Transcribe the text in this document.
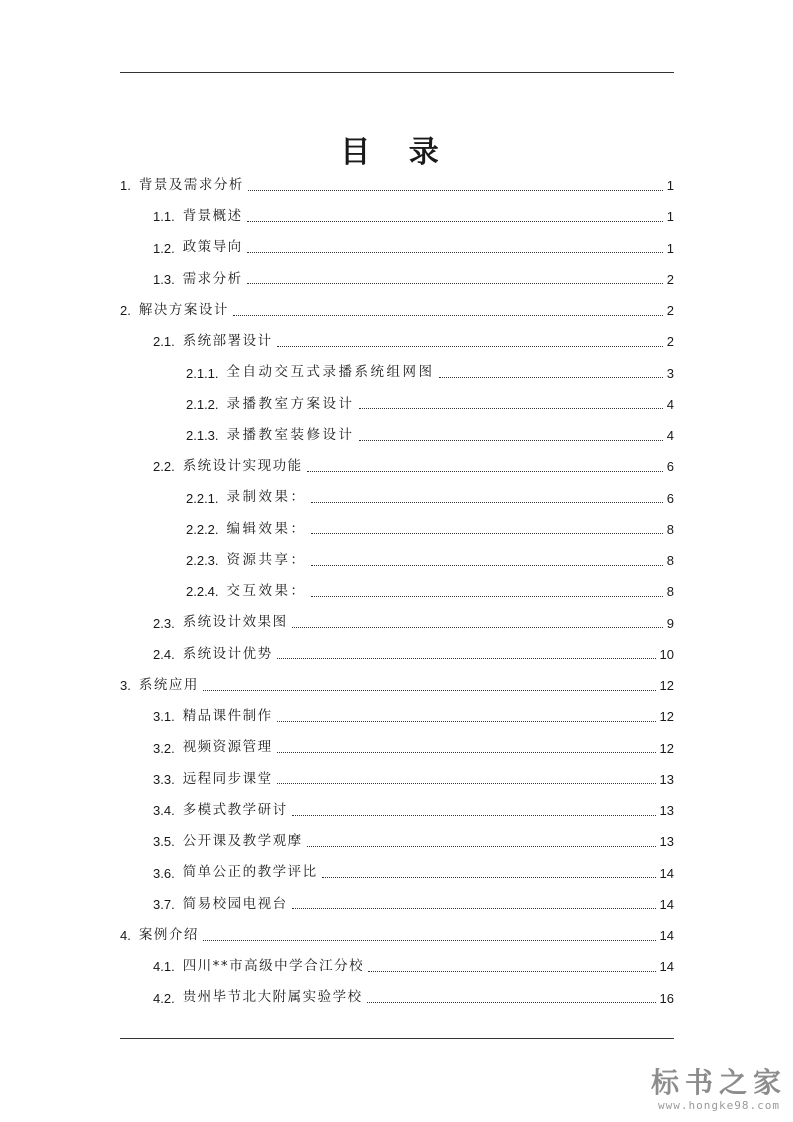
目 录
1. 背景及需求分析	1
1.1. 背景概述	1
1.2. 政策导向	1
1.3. 需求分析	2
2. 解决方案设计	2
2.1. 系统部署设计	2
2.1.1. 全自动交互式录播系统组网图	3
2.1.2. 录播教室方案设计	4
2.1.3. 录播教室装修设计	4
2.2. 系统设计实现功能	6
2.2.1. 录制效果：	6
2.2.2. 编辑效果：	8
2.2.3. 资源共享：	8
2.2.4. 交互效果：	8
2.3. 系统设计效果图	9
2.4. 系统设计优势	10
3. 系统应用	12
3.1. 精品课件制作	12
3.2. 视频资源管理	12
3.3. 远程同步课堂	13
3.4. 多模式教学研讨	13
3.5. 公开课及教学观摩	13
3.6. 简单公正的教学评比	14
3.7. 简易校园电视台	14
4. 案例介绍	14
4.1. 四川**市高级中学合江分校	14
4.2. 贵州毕节北大附属实验学校	16
标书之家
www.hongke98.com
